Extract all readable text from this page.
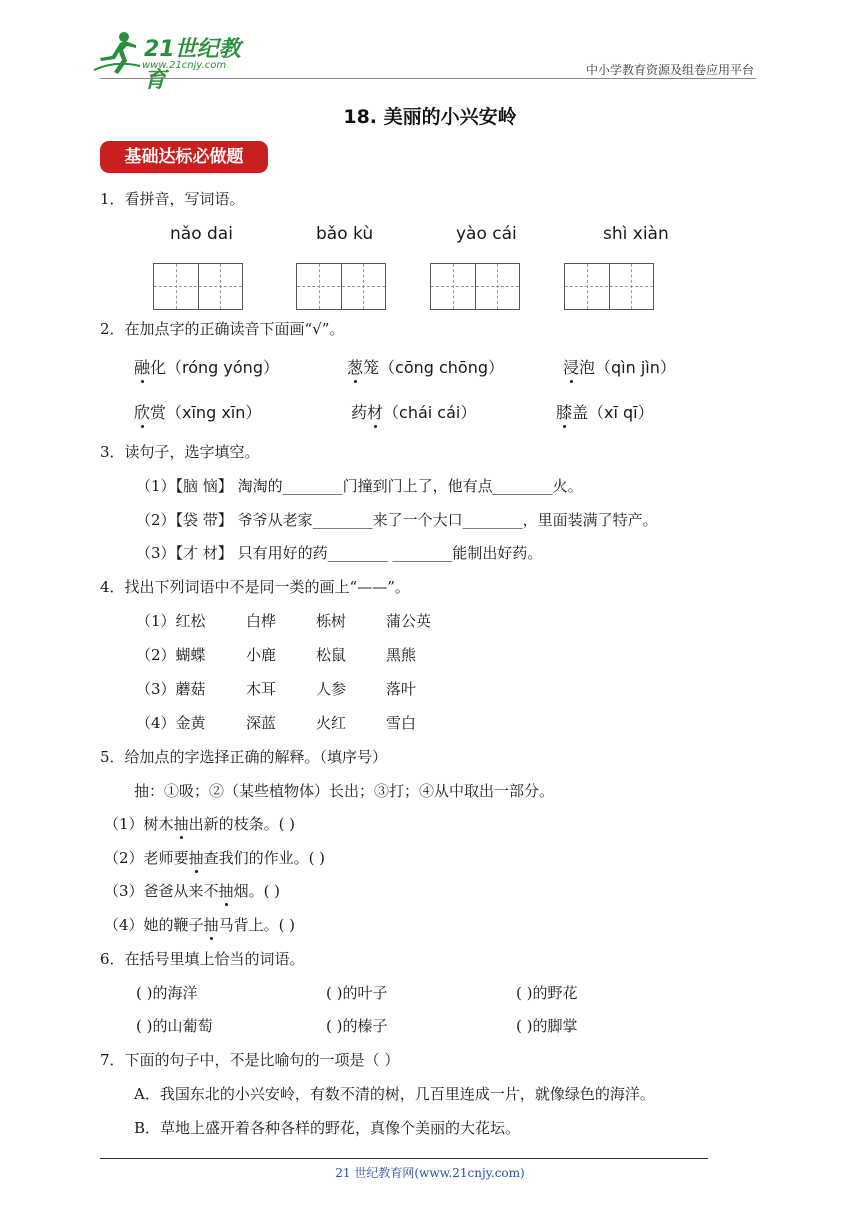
21世纪教育
www.21cnjy.com	中小学教育资源及组卷应用平台
18. 美丽的小兴安岭
基础达标必做题
1．看拼音，写词语。
nǎo dai	bǎo kù	yào cái	shì xiàn
2．在加点字的正确读音下面画“√”。
融化（róng yóng）	葱笼（cōng chōng）	浸泡（qìn jìn）
欣赏（xīng xīn）	药材（chái cái）	膝盖（xī qī）
3．读句子，选字填空。
（1）【脑 恼】 淘淘的________门撞到门上了，他有点________火。
（2）【袋 带】 爷爷从老家________来了一个大口________，里面装满了特产。
（3）【才 材】 只有用好的药________ ________能制出好药。
4．找出下列词语中不是同一类的画上“——”。
（1）红松	白桦	栎树	蒲公英
（2）蝴蝶	小鹿	松鼠	黑熊
（3）蘑菇	木耳	人参	落叶
（4）金黄	深蓝	火红	雪白
5．给加点的字选择正确的解释。（填序号）
抽：①吸；②（某些植物体）长出；③打；④从中取出一部分。
（1）树木抽出新的枝条。( )
（2）老师要抽查我们的作业。( )
（3）爸爸从来不抽烟。( )
（4）她的鞭子抽马背上。( )
6．在括号里填上恰当的词语。
( )的海洋	( )的叶子	( )的野花
( )的山葡萄	( )的榛子	( )的脚掌
7．下面的句子中，不是比喻句的一项是（ ）
A．我国东北的小兴安岭，有数不清的树，几百里连成一片，就像绿色的海洋。
B．草地上盛开着各种各样的野花，真像个美丽的大花坛。
21 世纪教育网(www.21cnjy.com)
